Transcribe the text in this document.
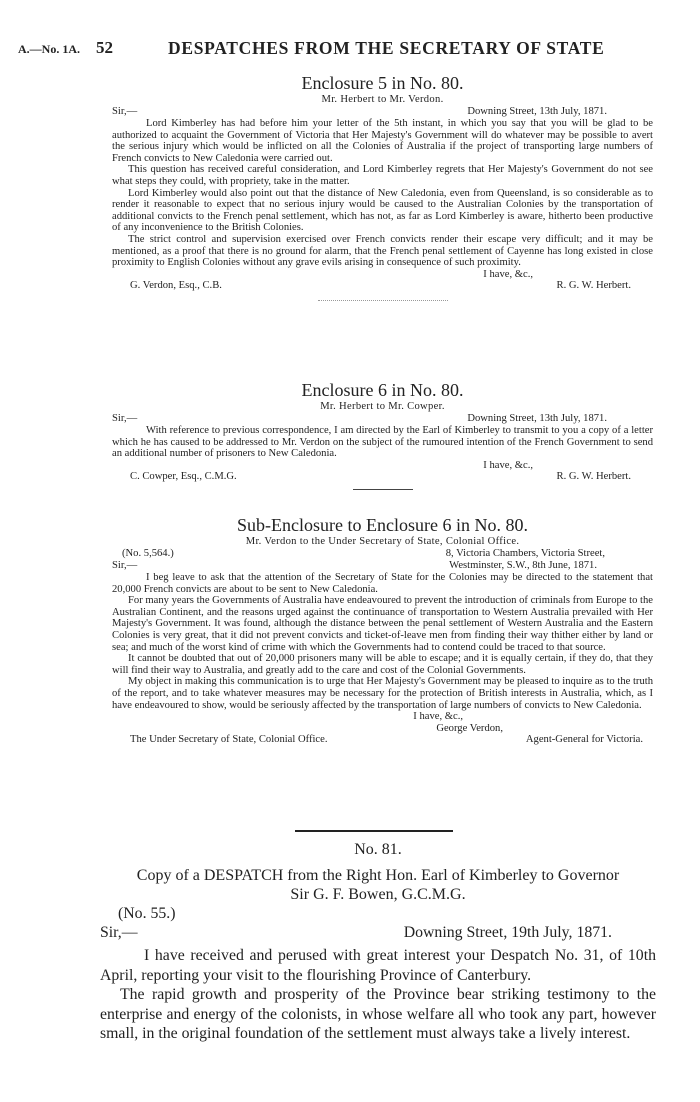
A.—No. 1A. 52	DESPATCHES FROM THE SECRETARY OF STATE
Enclosure 5 in No. 80.
Mr. Herbert to Mr. Verdon.
Sir,—	Downing Street, 13th July, 1871.

Lord Kimberley has had before him your letter of the 5th instant, in which you say that you will be glad to be authorized to acquaint the Government of Victoria that Her Majesty's Government will do whatever may be possible to avert the serious injury which would be inflicted on all the Colonies of Australia if the project of transporting large numbers of French convicts to New Caledonia were carried out.

This question has received careful consideration, and Lord Kimberley regrets that Her Majesty's Government do not see what steps they could, with propriety, take in the matter.

Lord Kimberley would also point out that the distance of New Caledonia, even from Queensland, is so considerable as to render it reasonable to expect that no serious injury would be caused to the Australian Colonies by the transportation of additional convicts to the French penal settlement, which has not, as far as Lord Kimberley is aware, hitherto been productive of any inconvenience to the British Colonies.

The strict control and supervision exercised over French convicts render their escape very difficult; and it may be mentioned, as a proof that there is no ground for alarm, that the French penal settlement of Cayenne has long existed in close proximity to English Colonies without any grave evils arising in consequence of such proximity.

I have, &c.,
G. Verdon, Esq., C.B.	R. G. W. Herbert.
Enclosure 6 in No. 80.
Mr. Herbert to Mr. Cowper.
Sir,—	Downing Street, 13th July, 1871.

With reference to previous correspondence, I am directed by the Earl of Kimberley to transmit to you a copy of a letter which he has caused to be addressed to Mr. Verdon on the subject of the rumoured intention of the French Government to send an additional number of prisoners to New Caledonia.

I have, &c.,
C. Cowper, Esq., C.M.G.	R. G. W. Herbert.
Sub-Enclosure to Enclosure 6 in No. 80.
Mr. Verdon to the Under Secretary of State, Colonial Office.
(No. 5,564.)	8, Victoria Chambers, Victoria Street,
Sir,—	Westminster, S.W., 8th June, 1871.

I beg leave to ask that the attention of the Secretary of State for the Colonies may be directed to the statement that 20,000 French convicts are about to be sent to New Caledonia.

For many years the Governments of Australia have endeavoured to prevent the introduction of criminals from Europe to the Australian Continent, and the reasons urged against the continuance of transportation to Western Australia prevailed with Her Majesty's Government. It was found, although the distance between the penal settlement of Western Australia and the Eastern Colonies is very great, that it did not prevent convicts and ticket-of-leave men from finding their way thither either by land or sea; and much of the worst kind of crime with which the Governments had to contend could be traced to that source.

It cannot be doubted that out of 20,000 prisoners many will be able to escape; and it is equally certain, if they do, that they will find their way to Australia, and greatly add to the care and cost of the Colonial Governments.

My object in making this communication is to urge that Her Majesty's Government may be pleased to inquire as to the truth of the report, and to take whatever measures may be necessary for the protection of British interests in Australia, which, as I have endeavoured to show, would be seriously affected by the transportation of large numbers of convicts to New Caledonia.

I have, &c.,
George Verdon,
The Under Secretary of State, Colonial Office.	Agent-General for Victoria.
No. 81.
Copy of a DESPATCH from the Right Hon. Earl of Kimberley to Governor
Sir G. F. Bowen, G.C.M.G.
(No. 55.)
Sir,—	Downing Street, 19th July, 1871.

I have received and perused with great interest your Despatch No. 31, of 10th April, reporting your visit to the flourishing Province of Canterbury.

The rapid growth and prosperity of the Province bear striking testimony to the enterprise and energy of the colonists, in whose welfare all who took any part, however small, in the original foundation of the settlement must always take a lively interest.
